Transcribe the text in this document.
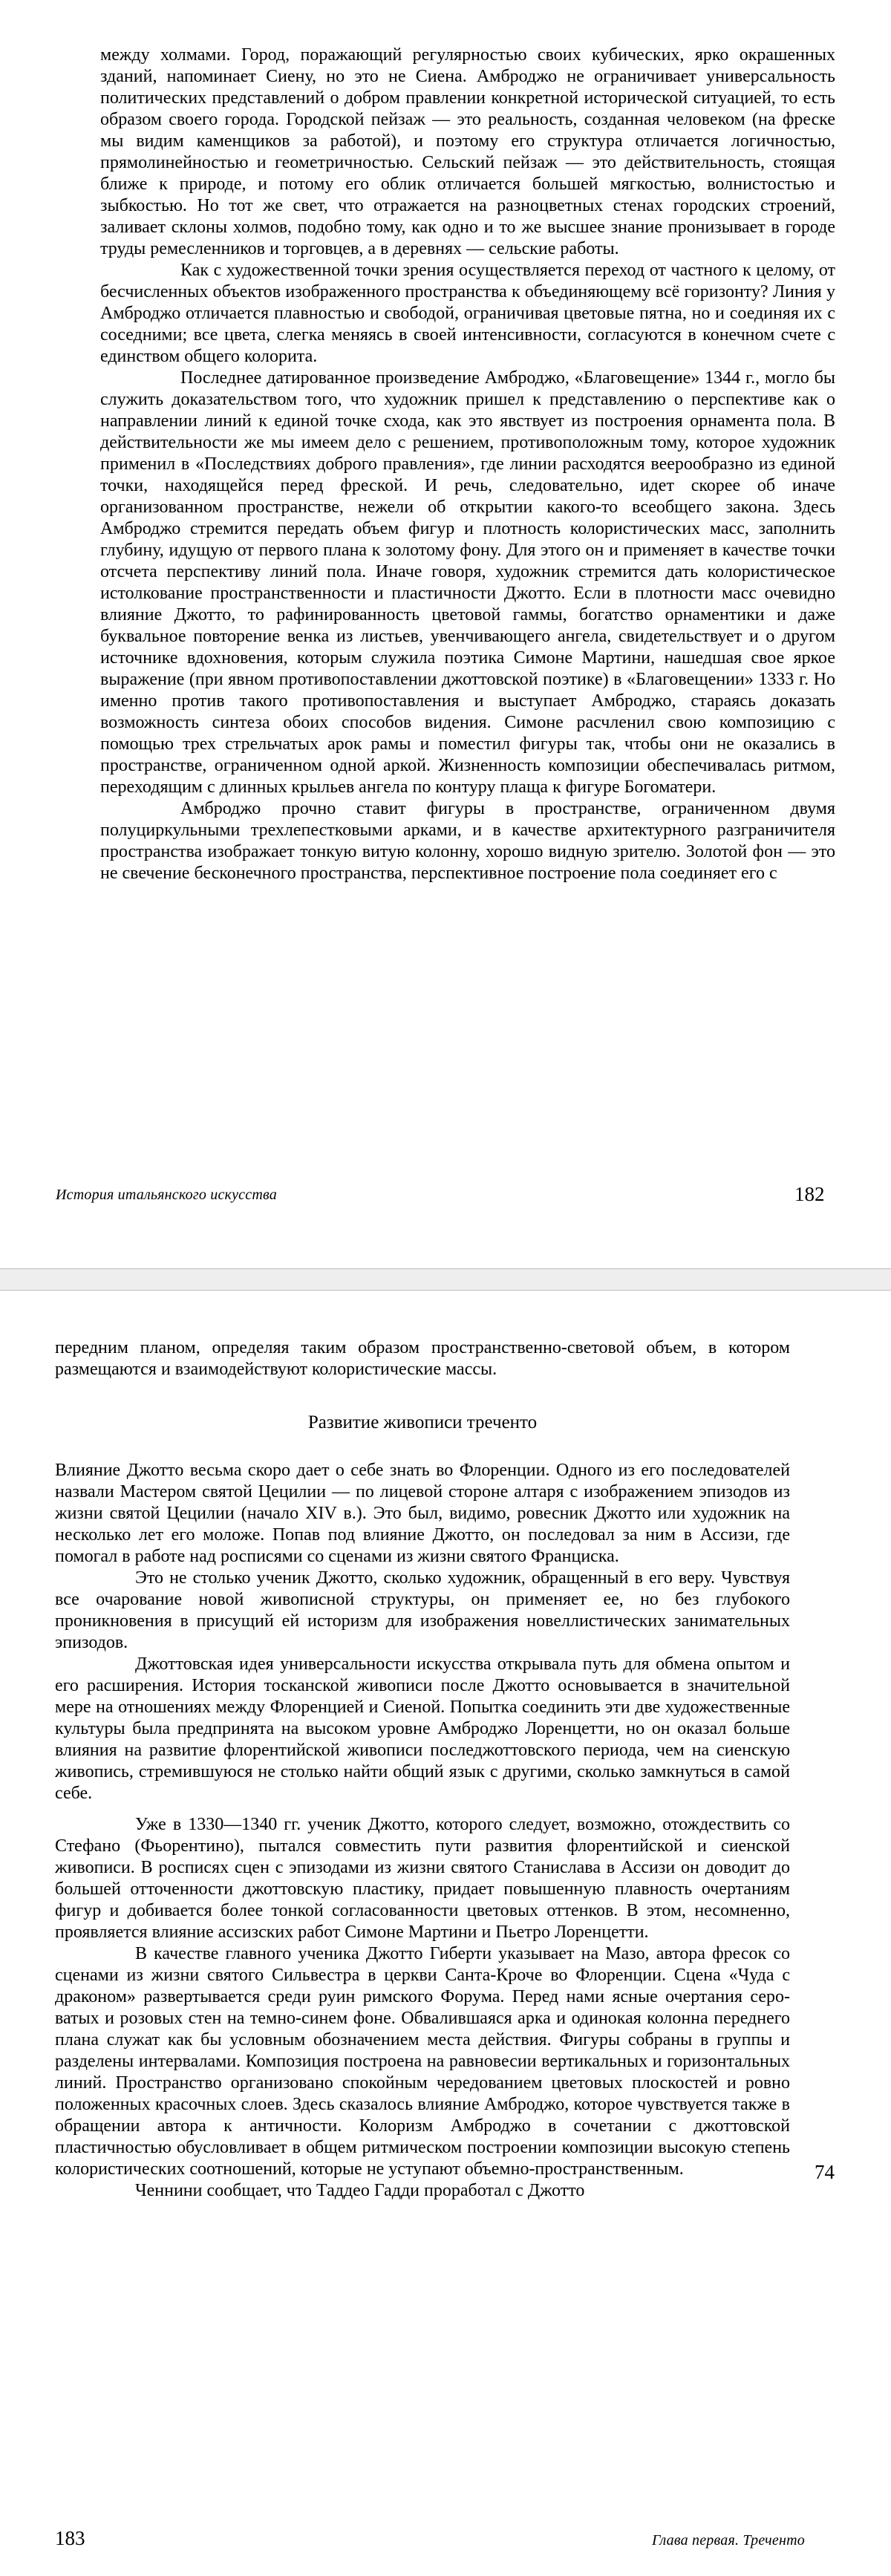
между холмами. Город, поражающий регулярностью своих кубических, ярко окрашенных зданий, напоминает Сиену, но это не Сиена. Амброджо не ограничивает универсальность политических представлений о добром правлении конкретной исторической ситуацией, то есть образом своего города. Городской пейзаж — это реальность, созданная человеком (на фреске мы видим каменщиков за работой), и поэтому его структура отличается логичностью, прямолинейностью и геометричностью. Сельский пейзаж — это действительность, стоящая ближе к природе, и потому его облик отличается большей мягкостью, волнистостью и зыбкостью. Но тот же свет, что отражается на разноцветных стенах городских строений, заливает склоны холмов, подобно тому, как одно и то же высшее знание пронизывает в городе труды ремесленников и торговцев, а в деревнях — сельские работы.

Как с художественной точки зрения осуществляется переход от частного к целому, от бесчисленных объектов изображенного пространства к объединяющему всё горизонту? Линия у Амброджо отличается плавностью и свободой, ограничивая цветовые пятна, но и соединяя их с соседними; все цвета, слегка меняясь в своей интенсивности, согласуются в конечном счете с единством общего колорита.

Последнее датированное произведение Амброджо, «Благовещение» 1344 г., могло бы служить доказательством того, что художник пришел к представлению о перспективе как о направлении линий к единой точке схода, как это явствует из построения орнамента пола. В действительности же мы имеем дело с решением, противоположным тому, которое художник применил в «Последствиях доброго правления», где линии расходятся веерообразно из единой точки, находящейся перед фреской. И речь, следовательно, идет скорее об иначе организованном пространстве, нежели об открытии какого-то всеобщего закона. Здесь Амброджо стремится передать объем фигур и плотность колористических масс, заполнить глубину, идущую от первого плана к золотому фону. Для этого он и применяет в качестве точки отсчета перспективу линий пола. Иначе говоря, художник стремится дать колористическое истолкование пространственности и пластичности Джотто. Если в плотности масс очевидно влияние Джотто, то рафинированность цветовой гаммы, богатство орнаментики и даже буквальное повторение венка из листьев, увенчивающего ангела, свидетельствует и о другом источнике вдохновения, которым служила поэтика Симоне Мартини, нашедшая свое яркое выражение (при явном противопоставлении джоттовской поэтике) в «Благовещении» 1333 г. Но именно против такого противопоставления и выступает Амброджо, стараясь доказать возможность синтеза обоих способов видения. Симоне расчленил свою композицию с помощью трех стрельчатых арок рамы и поместил фигуры так, чтобы они не оказались в пространстве, ограниченном одной аркой. Жизненность композиции обеспечивалась ритмом, переходящим с длинных крыльев ангела по контуру плаща к фигуре Богоматери.

Амброджо прочно ставит фигуры в пространстве, ограниченном двумя полуциркульными трехлепестковыми арками, и в качестве архитектурного разграничителя пространства изображает тонкую витую колонну, хорошо видную зрителю. Золотой фон — это не свечение бесконечного пространства, перспективное построение пола соединяет его с

История итальянского искусства	182

передним планом, определяя таким образом пространственно-световой объем, в котором размещаются и взаимодействуют колористические массы.

Развитие живописи треченто

Влияние Джотто весьма скоро дает о себе знать во Флоренции. Одного из его последователей назвали Мастером святой Цецилии — по лицевой стороне алтаря с изображением эпизодов из жизни святой Цецилии (начало XIV в.). Это был, видимо, ровесник Джотто или художник на несколько лет его моложе. Попав под влияние Джотто, он последовал за ним в Ассизи, где помогал в работе над росписями со сценами из жизни святого Франциска.

Это не столько ученик Джотто, сколько художник, обращенный в его веру. Чувствуя все очарование новой живописной структуры, он применяет ее, но без глубокого проникновения в присущий ей историзм для изображения новеллистических занимательных эпизодов.

Джоттовская идея универсальности искусства открывала путь для обмена опытом и его расширения. История тосканской живописи после Джотто основывается в значительной мере на отношениях между Флоренцией и Сиеной. Попытка соединить эти две художественные культуры была предпринята на высоком уровне Амброджо Лоренцетти, но он оказал больше влияния на развитие флорентийской живописи последжоттовского периода, чем на сиенскую живопись, стремившуюся не столько найти общий язык с другими, сколько замкнуться в самой себе.

Уже в 1330—1340 гг. ученик Джотто, которого следует, возможно, отождествить со Стефано (Фьорентино), пытался совместить пути развития флорентийской и сиенской живописи. В росписях сцен с эпизодами из жизни святого Станислава в Ассизи он доводит до большей отточенности джоттовскую пластику, придает повышенную плавность очертаниям фигур и добивается более тонкой согласованности цветовых оттенков. В этом, несомненно, проявляется влияние ассизских работ Симоне Мартини и Пьетро Лоренцетти.

В качестве главного ученика Джотто Гиберти указывает на Мазо, автора фресок со сценами из жизни святого Сильвестра в церкви Санта-Кроче во Флоренции. Сцена «Чуда с драконом» развертывается среди руин римского Форума. Перед нами ясные очертания сероватых и розовых стен на темно-синем фоне. Обвалившаяся арка и одинокая колонна переднего плана служат как бы условным обозначением места действия. Фигуры собраны в группы и разделены интервалами. Композиция построена на равновесии вертикальных и горизонтальных линий. Пространство организовано спокойным чередованием цветовых плоскостей и ровно положенных красочных слоев. Здесь сказалось влияние Амброджо, которое чувствуется также в обращении автора к античности. Колоризм Амброджо в сочетании с джоттовской пластичностью обусловливает в общем ритмическом построении композиции высокую степень колористических соотношений, которые не уступают объемно-пространственным.

Ченнини сообщает, что Таддео Гадди проработал с Джотто

74
183	Глава первая. Треченто
